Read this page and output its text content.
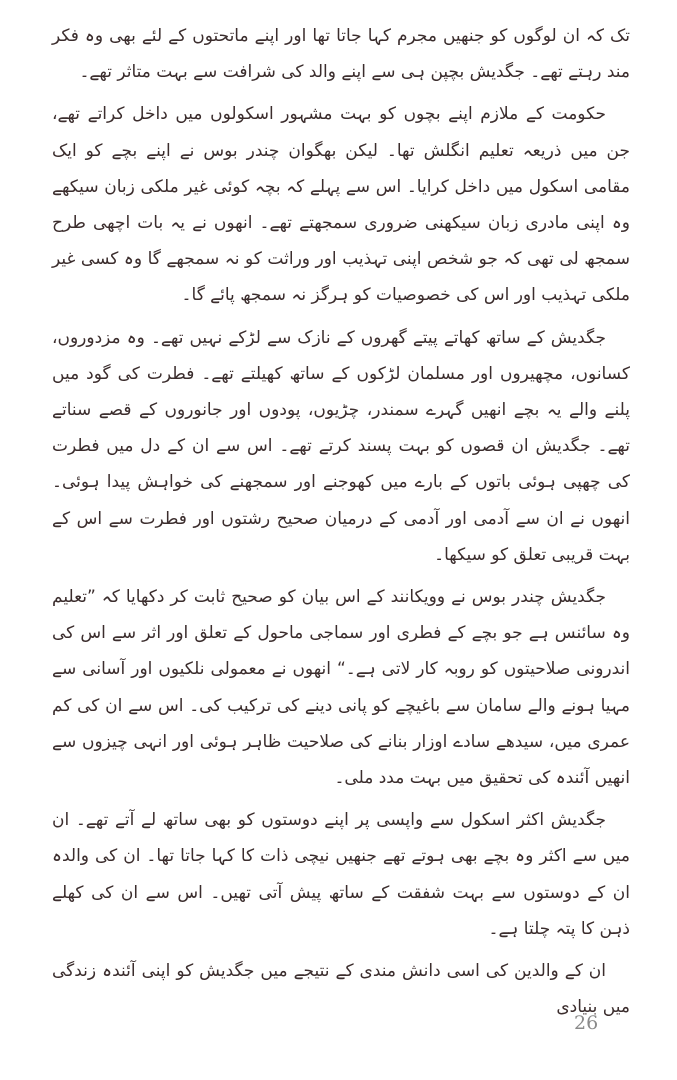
تک کہ ان لوگوں کو جنھیں مجرم کہا جاتا تھا اور اپنے ماتحتوں کے لئے بھی وہ فکر مند رہتے تھے۔ جگدیش بچپن ہی سے اپنے والد کی شرافت سے بہت متاثر تھے۔

حکومت کے ملازم اپنے بچوں کو بہت مشہور اسکولوں میں داخل کراتے تھے، جن میں ذریعہ تعلیم انگلش تھا۔ لیکن بھگوان چندر بوس نے اپنے بچے کو ایک مقامی اسکول میں داخل کرایا۔ اس سے پہلے کہ بچہ کوئی غیر ملکی زبان سیکھے وہ اپنی مادری زبان سیکھنی ضروری سمجھتے تھے۔ انھوں نے یہ بات اچھی طرح سمجھ لی تھی کہ جو شخص اپنی تہذیب اور وراثت کو نہ سمجھے گا وہ کسی غیر ملکی تہذیب اور اس کی خصوصیات کو ہرگز نہ سمجھ پائے گا۔

جگدیش کے ساتھ کھاتے پیتے گھروں کے نازک سے لڑکے نہیں تھے۔ وہ مزدوروں، کسانوں، مچھیروں اور مسلمان لڑکوں کے ساتھ کھیلتے تھے۔ فطرت کی گود میں پلنے والے یہ بچے انھیں گہرے سمندر، چڑیوں، پودوں اور جانوروں کے قصے سناتے تھے۔ جگدیش ان قصوں کو بہت پسند کرتے تھے۔ اس سے ان کے دل میں فطرت کی چھپی ہوئی باتوں کے بارے میں کھوجنے اور سمجھنے کی خواہش پیدا ہوئی۔ انھوں نے ان سے آدمی اور آدمی کے درمیان صحیح رشتوں اور فطرت سے اس کے بہت قریبی تعلق کو سیکھا۔

جگدیش چندر بوس نے وویکانند کے اس بیان کو صحیح ثابت کر دکھایا کہ ”تعلیم وہ سائنس ہے جو بچے کے فطری اور سماجی ماحول کے تعلق اور اثر سے اس کی اندرونی صلاحیتوں کو روبہ کار لاتی ہے۔“ انھوں نے معمولی نلکیوں اور آسانی سے مہیا ہونے والے سامان سے باغیچے کو پانی دینے کی ترکیب کی۔ اس سے ان کی کم عمری میں، سیدھے سادے اوزار بنانے کی صلاحیت ظاہر ہوئی اور انہی چیزوں سے انھیں آئندہ کی تحقیق میں بہت مدد ملی۔

جگدیش اکثر اسکول سے واپسی پر اپنے دوستوں کو بھی ساتھ لے آتے تھے۔ ان میں سے اکثر وہ بچے بھی ہوتے تھے جنھیں نیچی ذات کا کہا جاتا تھا۔ ان کی والدہ ان کے دوستوں سے بہت شفقت کے ساتھ پیش آتی تھیں۔ اس سے ان کی کھلے ذہن کا پتہ چلتا ہے۔

ان کے والدین کی اسی دانش مندی کے نتیجے میں جگدیش کو اپنی آئندہ زندگی میں بنیادی

26
